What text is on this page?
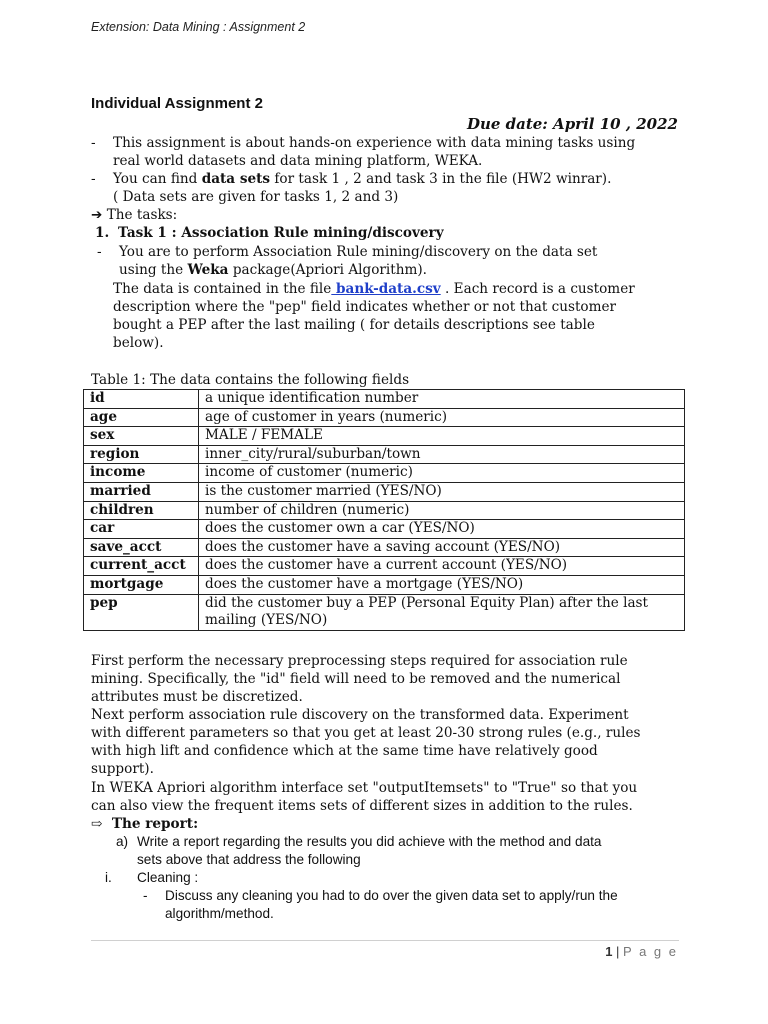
Extension: Data Mining : Assignment 2
Individual Assignment 2
Due date: April 10 , 2022
- This assignment is about hands-on experience with data mining tasks using
real world datasets and data mining platform, WEKA.
- You can find data sets for task 1 , 2 and task 3 in the file (HW2 winrar).
( Data sets are given for tasks 1, 2 and 3)
➔ The tasks:
1. Task 1 : Association Rule mining/discovery
- You are to perform Association Rule mining/discovery on the data set
using the Weka package(Apriori Algorithm).
The data is contained in the file bank-data.csv . Each record is a customer
description where the "pep" field indicates whether or not that customer
bought a PEP after the last mailing ( for details descriptions see table
below).
Table 1: The data contains the following fields
id	a unique identification number
age	age of customer in years (numeric)
sex	MALE / FEMALE
region	inner_city/rural/suburban/town
income	income of customer (numeric)
married	is the customer married (YES/NO)
children	number of children (numeric)
car	does the customer own a car (YES/NO)
save_acct	does the customer have a saving account (YES/NO)
current_acct	does the customer have a current account (YES/NO)
mortgage	does the customer have a mortgage (YES/NO)
pep	did the customer buy a PEP (Personal Equity Plan) after the last mailing (YES/NO)
First perform the necessary preprocessing steps required for association rule
mining. Specifically, the "id" field will need to be removed and the numerical
attributes must be discretized.
Next perform association rule discovery on the transformed data. Experiment
with different parameters so that you get at least 20-30 strong rules (e.g., rules
with high lift and confidence which at the same time have relatively good
support).
In WEKA Apriori algorithm interface set "outputItemsets" to "True" so that you
can also view the frequent items sets of different sizes in addition to the rules.
⇨ The report:
a) Write a report regarding the results you did achieve with the method and data
sets above that address the following
i. Cleaning :
- Discuss any cleaning you had to do over the given data set to apply/run the
algorithm/method.
1 | P a g e
